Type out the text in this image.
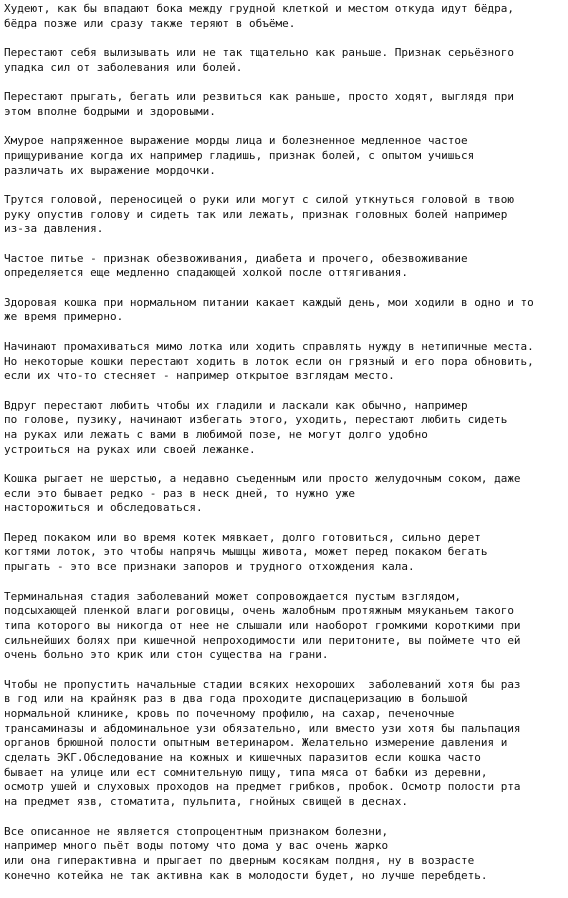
Худеют, как бы впадают бока между грудной клеткой и местом откуда идут бёдра,
бёдра позже или сразу также теряют в объёме.
Перестают себя вылизывать или не так тщательно как раньше. Признак серьёзного
упадка сил от заболевания или болей.
Перестают прыгать, бегать или резвиться как раньше, просто ходят, выглядя при
этом вполне бодрыми и здоровыми.
Хмурое напряженное выражение морды лица и болезненное медленное частое
прищуривание когда их например гладишь, признак болей, с опытом учишься
различать их выражение мордочки.
Трутся головой, переносицей о руки или могут с силой уткнуться головой в твою
руку опустив голову и сидеть так или лежать, признак головных болей например
из-за давления.
Частое питье - признак обезвоживания, диабета и прочего, обезвоживание
определяется еще медленно спадающей холкой после оттягивания.
Здоровая кошка при нормальном питании какает каждый день, мои ходили в одно и то
же время примерно.
Начинают промахиваться мимо лотка или ходить справлять нужду в нетипичные места.
Но некоторые кошки перестают ходить в лоток если он грязный и его пора обновить,
если их что-то стесняет - например открытое взглядам место.
Вдруг перестают любить чтобы их гладили и ласкали как обычно, например
по голове, пузику, начинают избегать этого, уходить, перестают любить сидеть
на руках или лежать с вами в любимой позе, не могут долго удобно
устроиться на руках или своей лежанке.
Кошка рыгает не шерстью, а недавно съеденным или просто желудочным соком, даже
если это бывает редко - раз в неск дней, то нужно уже
насторожиться и обследоваться.
Перед покаком или во время котек мявкает, долго готовиться, сильно дерет
когтями лоток, это чтобы напрячь мышцы живота, может перед покаком бегать
прыгать - это все признаки запоров и трудного отхождения кала.
Терминальная стадия заболеваний может сопровождается пустым взглядом,
подсыхающей пленкой влаги роговицы, очень жалобным протяжным мяуканьем такого
типа которого вы никогда от нее не слышали или наоборот громкими короткими при
сильнейших болях при кишечной непроходимости или перитоните, вы поймете что ей
очень больно это крик или стон существа на грани.
Чтобы не пропустить начальные стадии всяких нехороших  заболеваний хотя бы раз
в год или на крайняк раз в два года проходите диспацеризацию в большой
нормальной клинике, кровь по почечному профилю, на сахар, печеночные
трансаминазы и абдоминальное узи обязательно, или вместо узи хотя бы пальпация
органов брюшной полости опытным ветеринаром. Желательно измерение давления и
сделать ЭКГ.Обследование на кожных и кишечных паразитов если кошка часто
бывает на улице или ест сомнительную пищу, типа мяса от бабки из деревни,
осмотр ушей и слуховых проходов на предмет грибков, пробок. Осмотр полости рта
на предмет язв, стоматита, пульпита, гнойных свищей в деснах.
Все описанное не является стопроцентным признаком болезни,
например много пьёт воды потому что дома у вас очень жарко
или она гиперактивна и прыгает по дверным косякам полдня, ну в возрасте
конечно котейка не так активна как в молодости будет, но лучше перебдеть.
